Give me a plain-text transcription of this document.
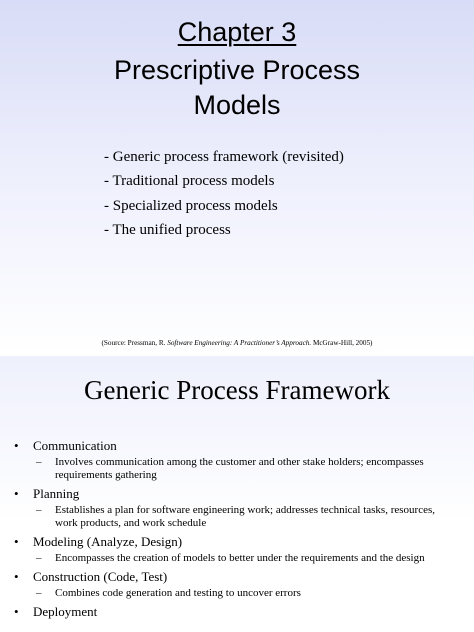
Chapter 3
Prescriptive Process
Models
- Generic process framework (revisited)
- Traditional process models
- Specialized process models
- The unified process
(Source: Pressman, R. Software Engineering: A Practitioner’s Approach. McGraw-Hill, 2005)
Generic Process Framework
• Communication
– Involves communication among the customer and other stake holders; encompasses requirements gathering
• Planning
– Establishes a plan for software engineering work; addresses technical tasks, resources, work products, and work schedule
• Modeling (Analyze, Design)
– Encompasses the creation of models to better under the requirements and the design
• Construction (Code, Test)
– Combines code generation and testing to uncover errors
• Deployment
